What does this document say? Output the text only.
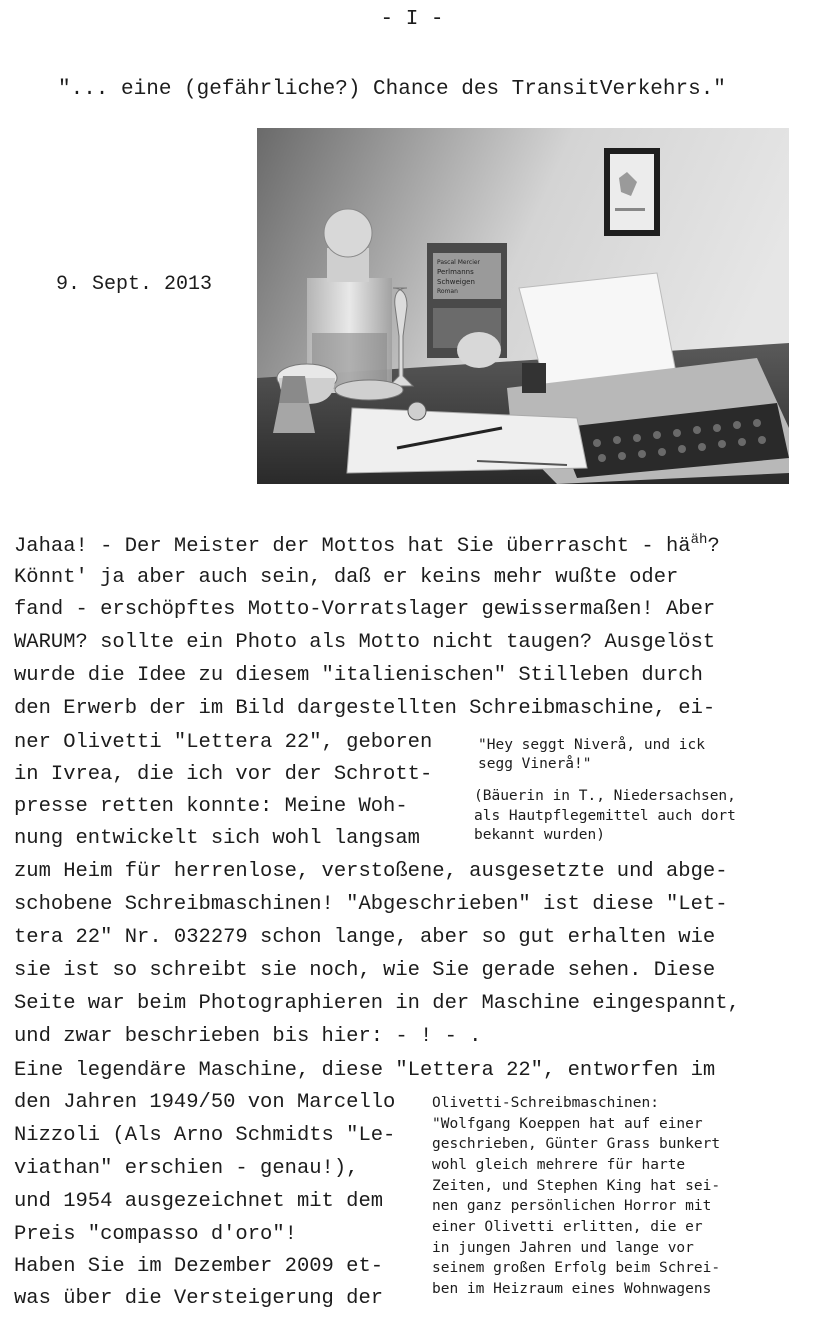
- I -
"... eine (gefährliche?) Chance des TransitVerkehrs."
9. Sept. 2013
Pascal Mercier
Perlmanns
Schweigen
Roman
Jahaa! - Der Meister der Mottos hat Sie überrascht - $hä^{äh}$?
Könnt' ja aber auch sein, daß er keins mehr wußte oder
fand - erschöpftes Motto-Vorratslager gewissermaßen! Aber
WARUM? sollte ein Photo als Motto nicht taugen? Ausgelöst
wurde die Idee zu diesem "italienischen" Stilleben durch
den Erwerb der im Bild dargestellten Schreibmaschine, ei-
ner Olivetti "Lettera 22", geboren
in Ivrea, die ich vor der Schrott-
presse retten konnte: Meine Woh-
nung entwickelt sich wohl langsam
"Hey seggt Niverå, und ick
segg Vinerå!"
(Bäuerin in T., Niedersachsen,
als Hautpflegemittel auch dort
bekannt wurden)
zum Heim für herrenlose, verstoßene, ausgesetzte und abge-
schobene Schreibmaschinen! "Abgeschrieben" ist diese "Let-
tera 22" Nr. 032279 schon lange, aber so gut erhalten wie
sie ist so schreibt sie noch, wie Sie gerade sehen. Diese
Seite war beim Photographieren in der Maschine eingespannt,
und zwar beschrieben bis hier: - ! - .
Eine legendäre Maschine, diese "Lettera 22", entworfen im
den Jahren 1949/50 von Marcello
Nizzoli (Als Arno Schmidts "Le-
viathan" erschien - genau!),
und 1954 ausgezeichnet mit dem
Preis "compasso d'oro"!
Haben Sie im Dezember 2009 et-
was über die Versteigerung der
Olivetti-Schreibmaschinen:
"Wolfgang Koeppen hat auf einer
geschrieben, Günter Grass bunkert
wohl gleich mehrere für harte
Zeiten, und Stephen King hat sei-
nen ganz persönlichen Horror mit
einer Olivetti erlitten, die er
in jungen Jahren und lange vor
seinem großen Erfolg beim Schrei-
ben im Heizraum eines Wohnwagens
